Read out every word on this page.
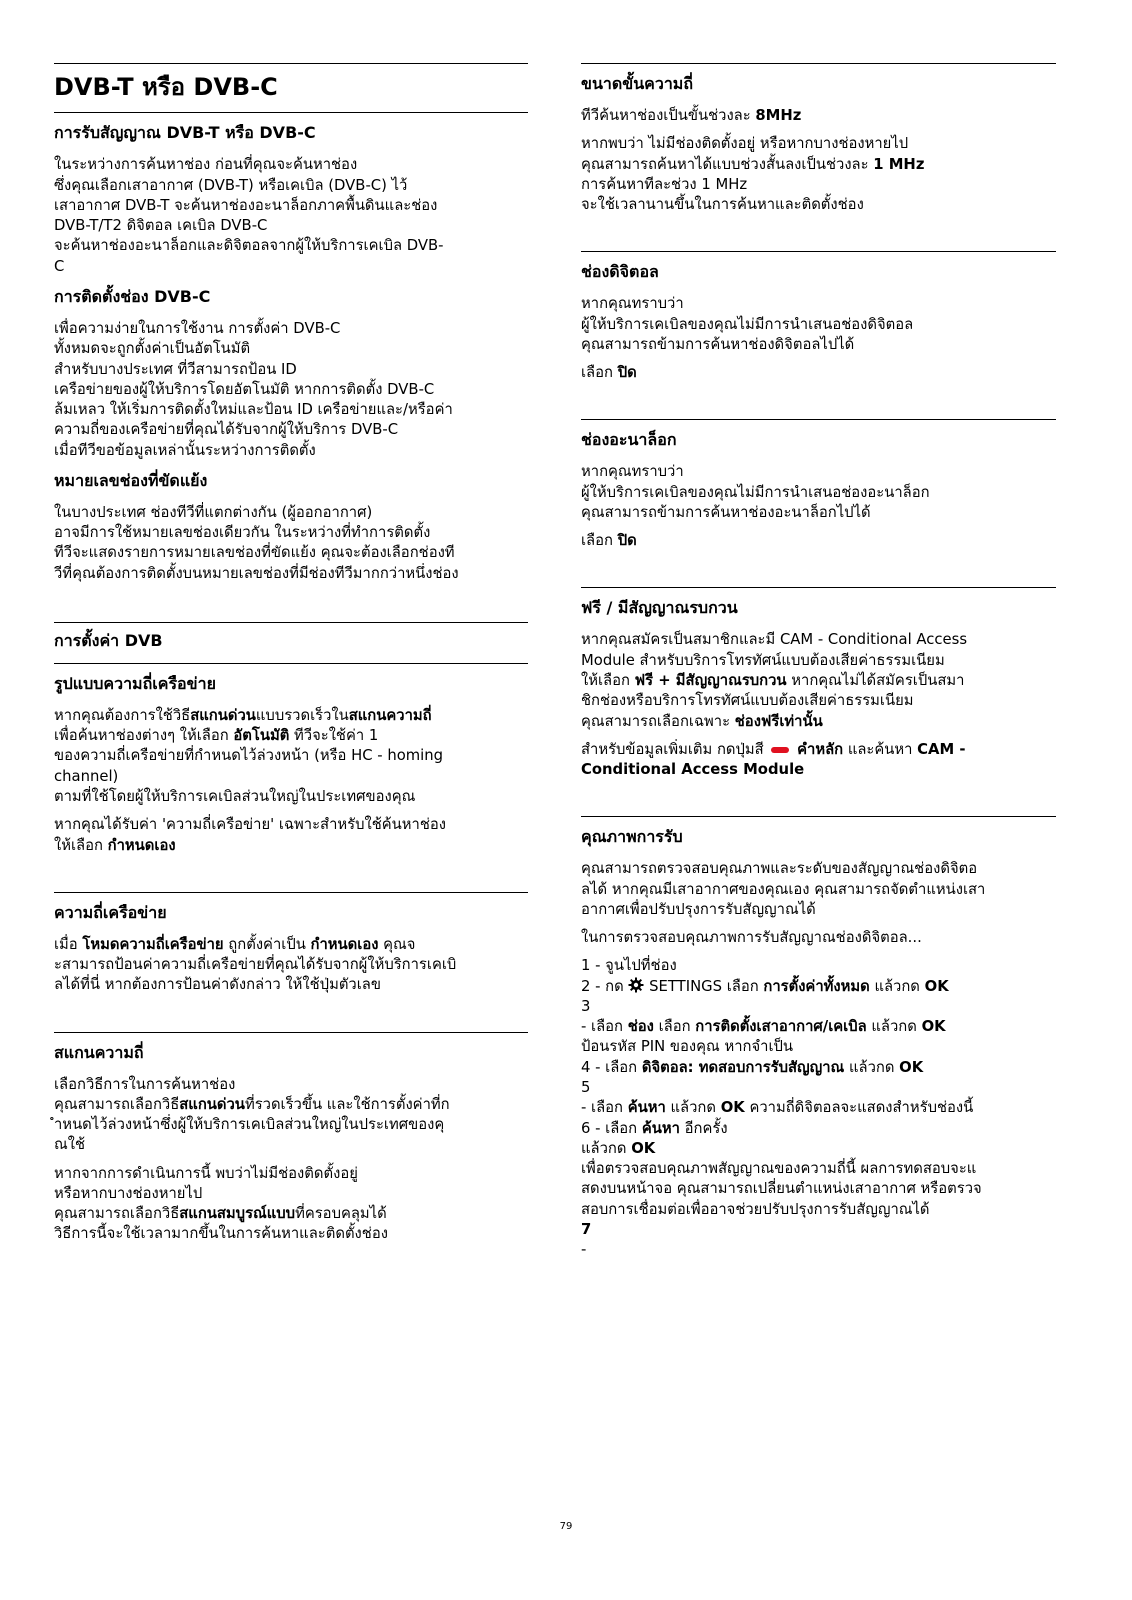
DVB-T หรือ DVB-C
การรับสัญญาณ DVB-T หรือ DVB-C
ในระหว่างการค้นหาช่อง ก่อนที่คุณจะค้นหาช่อง
ซึ่งคุณเลือกเสาอากาศ (DVB-T) หรือเคเบิล (DVB-C) ไว้
เสาอากาศ DVB-T จะค้นหาช่องอะนาล็อกภาคพื้นดินและช่อง
DVB-T/T2 ดิจิตอล เคเบิล DVB-C
จะค้นหาช่องอะนาล็อกและดิจิตอลจากผู้ให้บริการเคเบิล DVB-
C
การติดตั้งช่อง DVB-C
เพื่อความง่ายในการใช้งาน การตั้งค่า DVB-C
ทั้งหมดจะถูกตั้งค่าเป็นอัตโนมัติ
สำหรับบางประเทศ ที่วีสามารถป้อน ID
เครือข่ายของผู้ให้บริการโดยอัตโนมัติ หากการติดตั้ง DVB-C
ล้มเหลว ให้เริ่มการติดตั้งใหม่และป้อน ID เครือข่ายและ/หรือค่า
ความถี่ของเครือข่ายที่คุณได้รับจากผู้ให้บริการ DVB-C
เมื่อทีวีขอข้อมูลเหล่านั้นระหว่างการติดตั้ง
หมายเลขช่องที่ขัดแย้ง
ในบางประเทศ ช่องทีวีที่แตกต่างกัน (ผู้ออกอากาศ)
อาจมีการใช้หมายเลขช่องเดียวกัน ในระหว่างที่ทำการติดตั้ง
ทีวีจะแสดงรายการหมายเลขช่องที่ขัดแย้ง คุณจะต้องเลือกช่องที
วีที่คุณต้องการติดตั้งบนหมายเลขช่องที่มีช่องทีวีมากกว่าหนึ่งช่อง
การตั้งค่า DVB
รูปแบบความถี่เครือข่าย
หากคุณต้องการใช้วิธีสแกนด่วนแบบรวดเร็วในสแกนความถี่
เพื่อค้นหาช่องต่างๆ ให้เลือก อัตโนมัติ ทีวีจะใช้ค่า 1
ของความถี่เครือข่ายที่กำหนดไว้ล่วงหน้า (หรือ HC - homing
channel)
ตามที่ใช้โดยผู้ให้บริการเคเบิลส่วนใหญ่ในประเทศของคุณ
หากคุณได้รับค่า 'ความถี่เครือข่าย' เฉพาะสำหรับใช้ค้นหาช่อง
ให้เลือก กำหนดเอง
ความถี่เครือข่าย
เมื่อ โหมดความถี่เครือข่าย ถูกตั้งค่าเป็น กำหนดเอง คุณจ
ะสามารถป้อนค่าความถี่เครือข่ายที่คุณได้รับจากผู้ให้บริการเคเบิ
ลได้ที่นี่ หากต้องการป้อนค่าดังกล่าว ให้ใช้ปุ่มตัวเลข
สแกนความถี่
เลือกวิธีการในการค้นหาช่อง
คุณสามารถเลือกวิธีสแกนด่วนที่รวดเร็วขึ้น และใช้การตั้งค่าที่ก
ำหนดไว้ล่วงหน้าซึ่งผู้ให้บริการเคเบิลส่วนใหญ่ในประเทศของคุ
ณใช้
หากจากการดำเนินการนี้ พบว่าไม่มีช่องติดตั้งอยู่
หรือหากบางช่องหายไป
คุณสามารถเลือกวิธีสแกนสมบูรณ์แบบที่ครอบคลุมได้
วิธีการนี้จะใช้เวลามากขึ้นในการค้นหาและติดตั้งช่อง
ขนาดขั้นความถี่
ทีวีค้นหาช่องเป็นขั้นช่วงละ 8MHz
หากพบว่า ไม่มีช่องติดตั้งอยู่ หรือหากบางช่องหายไป
คุณสามารถค้นหาได้แบบช่วงสั้นลงเป็นช่วงละ 1 MHz
การค้นหาทีละช่วง 1 MHz
จะใช้เวลานานขึ้นในการค้นหาและติดตั้งช่อง
ช่องดิจิตอล
หากคุณทราบว่า
ผู้ให้บริการเคเบิลของคุณไม่มีการนำเสนอช่องดิจิตอล
คุณสามารถข้ามการค้นหาช่องดิจิตอลไปได้
เลือก ปิด
ช่องอะนาล็อก
หากคุณทราบว่า
ผู้ให้บริการเคเบิลของคุณไม่มีการนำเสนอช่องอะนาล็อก
คุณสามารถข้ามการค้นหาช่องอะนาล็อกไปได้
เลือก ปิด
ฟรี / มีสัญญาณรบกวน
หากคุณสมัครเป็นสมาชิกและมี CAM - Conditional Access
Module สำหรับบริการโทรทัศน์แบบต้องเสียค่าธรรมเนียม
ให้เลือก ฟรี + มีสัญญาณรบกวน หากคุณไม่ได้สมัครเป็นสมา
ชิกช่องหรือบริการโทรทัศน์แบบต้องเสียค่าธรรมเนียม
คุณสามารถเลือกเฉพาะ ช่องฟรีเท่านั้น
สำหรับข้อมูลเพิ่มเติม กดปุ่มสี  คำหลัก และค้นหา CAM -
Conditional Access Module
คุณภาพการรับ
คุณสามารถตรวจสอบคุณภาพและระดับของสัญญาณช่องดิจิตอ
ลได้ หากคุณมีเสาอากาศของคุณเอง คุณสามารถจัดตำแหน่งเสา
อากาศเพื่อปรับปรุงการรับสัญญาณได้
ในการตรวจสอบคุณภาพการรับสัญญาณช่องดิจิตอล...
1 - จูนไปที่ช่อง
2 - กด  SETTINGS เลือก การตั้งค่าทั้งหมด แล้วกด OK
3
- เลือก ช่อง เลือก การติดตั้งเสาอากาศ/เคเบิล แล้วกด OK
ป้อนรหัส PIN ของคุณ หากจำเป็น
4 - เลือก ดิจิตอล: ทดสอบการรับสัญญาณ แล้วกด OK
5
- เลือก ค้นหา แล้วกด OK ความถี่ดิจิตอลจะแสดงสำหรับช่องนี้
6 - เลือก ค้นหา อีกครั้ง
แล้วกด OK
เพื่อตรวจสอบคุณภาพสัญญาณของความถี่นี้ ผลการทดสอบจะแ
สดงบนหน้าจอ คุณสามารถเปลี่ยนตำแหน่งเสาอากาศ หรือตรวจ
สอบการเชื่อมต่อเพื่ออาจช่วยปรับปรุงการรับสัญญาณได้
7
-
79
